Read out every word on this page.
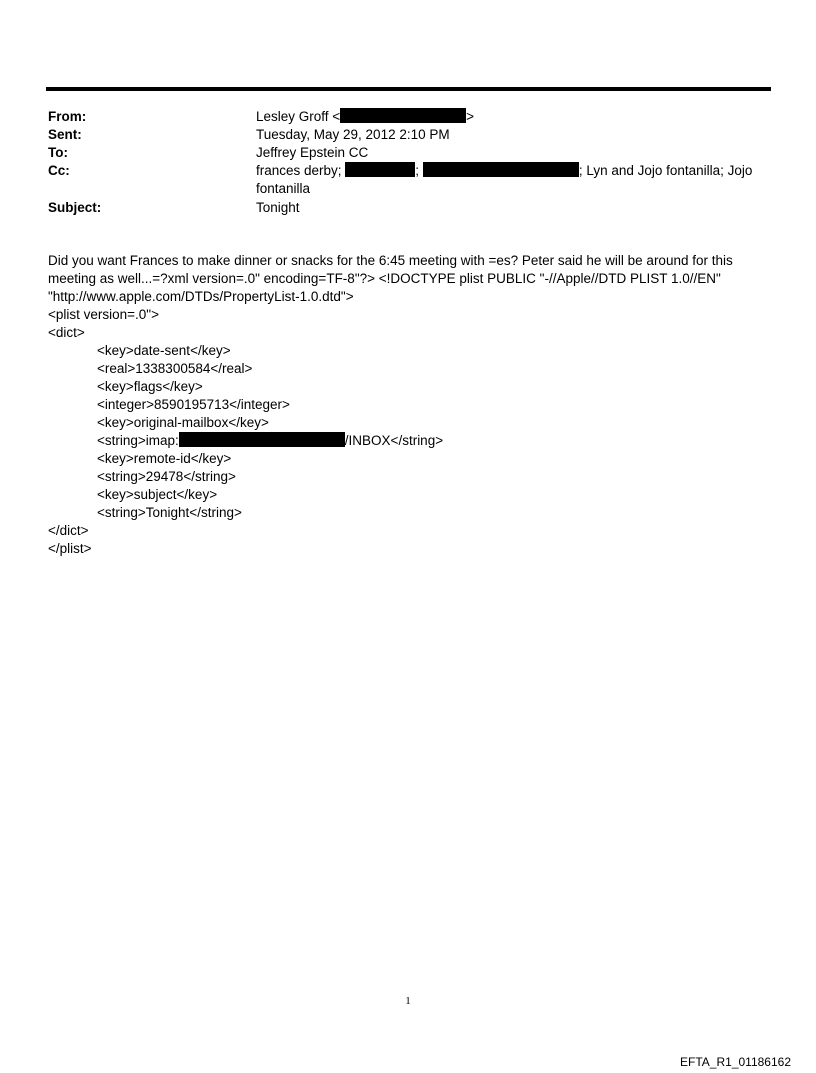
From:	Lesley Groff <	>
Sent:	Tuesday, May 29, 2012 2:10 PM
To:	Jeffrey Epstein CC
Cc:	frances derby;	;	; Lyn and Jojo fontanilla; Jojo fontanilla
Subject:	Tonight
Did you want Frances to make dinner or snacks for the 6:45 meeting with =es? Peter said he will be around for this meeting as well...=?xml version=.0" encoding=TF-8"?> <!DOCTYPE plist PUBLIC "-//Apple//DTD PLIST 1.0//EN" "http://www.apple.com/DTDs/PropertyList-1.0.dtd">
<plist version=.0">
<dict>
<key>date-sent</key>
<real>1338300584</real>
<key>flags</key>
<integer>8590195713</integer>
<key>original-mailbox</key>
<string>imap:	/INBOX</string>
<key>remote-id</key>
<string>29478</string>
<key>subject</key>
<string>Tonight</string>
</dict>
</plist>
1
EFTA_R1_01186162
